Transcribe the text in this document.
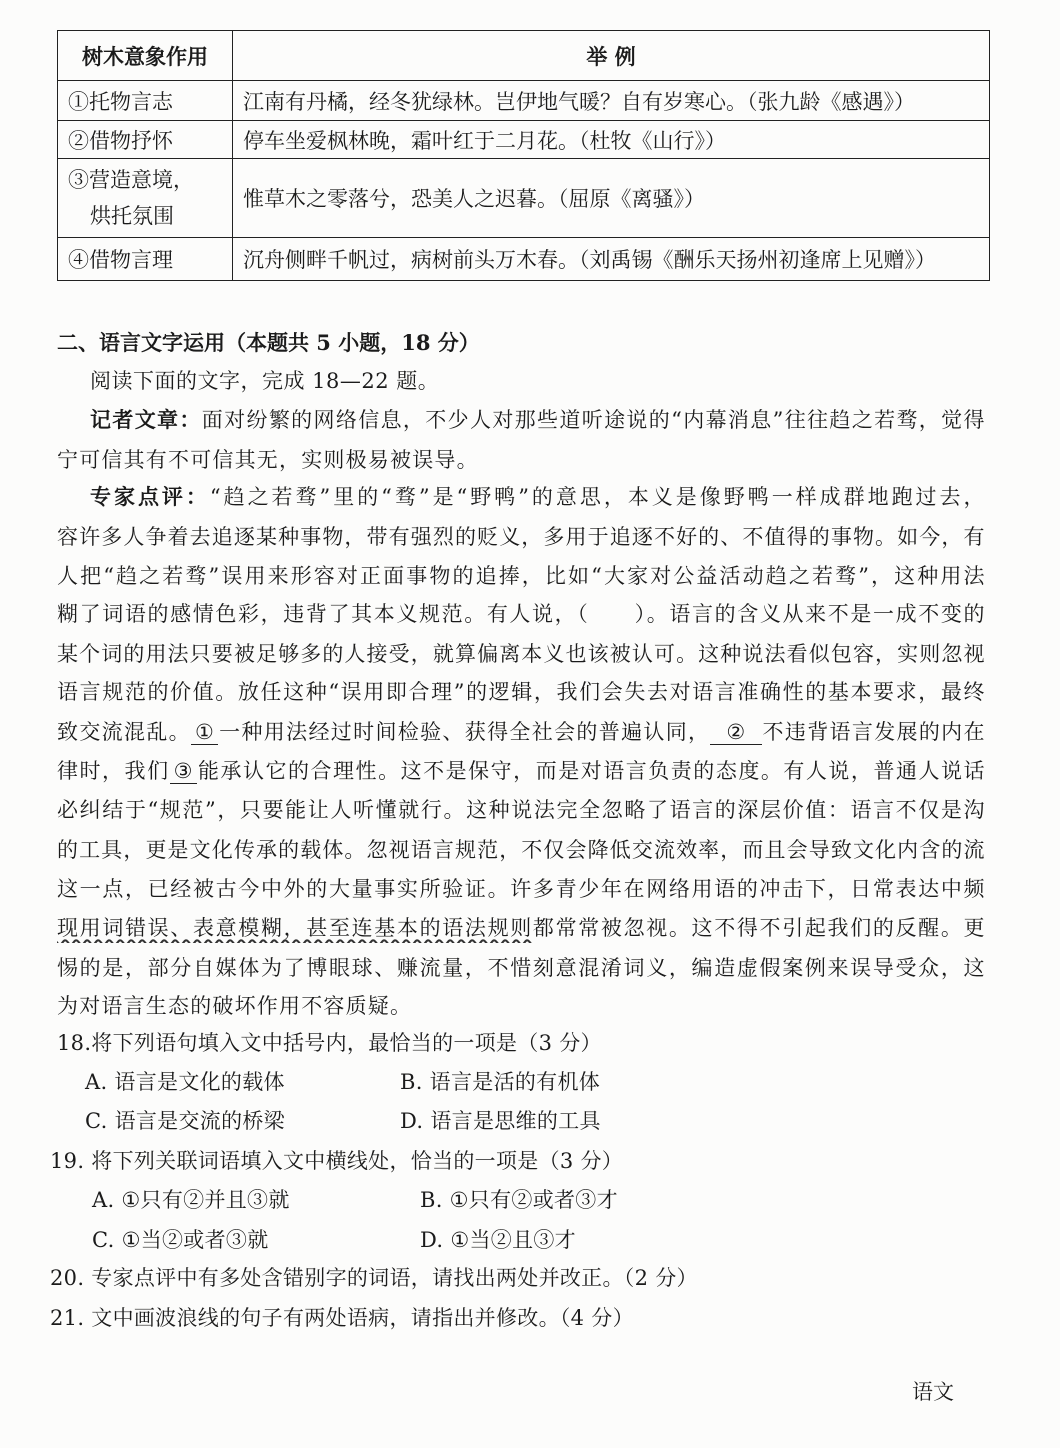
树木意象作用	举 例
①托物言志	江南有丹橘，经冬犹绿林。岂伊地气暖？自有岁寒心。（张九龄《感遇》）
②借物抒怀	停车坐爱枫林晚，霜叶红于二月花。（杜牧《山行》）

③营造意境，
烘托氛围	惟草木之零落兮，恐美人之迟暮。（屈原《离骚》）
④借物言理	沉舟侧畔千帆过，病树前头万木春。（刘禹锡《酬乐天扬州初逢席上见赠》）
二、语言文字运用（本题共 5 小题，18 分）
阅读下面的文字，完成 18—22 题。
记者文章：面对纷繁的网络信息，不少人对那些道听途说的“内幕消息”往往趋之若骛，觉得
宁可信其有不可信其无，实则极易被误导。
专家点评：“趋之若骛”里的“骛”是“野鸭”的意思，本义是像野鸭一样成群地跑过去，
容许多人争着去追逐某种事物，带有强烈的贬义，多用于追逐不好的、不值得的事物。如今，有
人把“趋之若骛”误用来形容对正面事物的追捧，比如“大家对公益活动趋之若骛”，这种用法
糊了词语的感情色彩，违背了其本义规范。有人说，（　　）。语言的含义从来不是一成不变的
某个词的用法只要被足够多的人接受，就算偏离本义也该被认可。这种说法看似包容，实则忽视
语言规范的价值。放任这种“误用即合理”的逻辑，我们会失去对语言准确性的基本要求，最终
致交流混乱。 ① 一种用法经过时间检验、获得全社会的普遍认同， ② 不违背语言发展的内在
律时，我们 ③ 能承认它的合理性。这不是保守，而是对语言负责的态度。有人说，普通人说话
必纠结于“规范”，只要能让人听懂就行。这种说法完全忽略了语言的深层价值：语言不仅是沟
的工具，更是文化传承的载体。忽视语言规范，不仅会降低交流效率，而且会导致文化内含的流
这一点，已经被古今中外的大量事实所验证。许多青少年在网络用语的冲击下，日常表达中频
现用词错误、表意模糊，甚至连基本的语法规则都常常被忽视。这不得不引起我们的反醒。更
惕的是，部分自媒体为了博眼球、赚流量，不惜刻意混淆词义，编造虚假案例来误导受众，这
为对语言生态的破坏作用不容质疑。
18.将下列语句填入文中括号内，最恰当的一项是（3 分）
A. 语言是文化的载体	B. 语言是活的有机体
C. 语言是交流的桥梁	D. 语言是思维的工具
19. 将下列关联词语填入文中横线处，恰当的一项是（3 分）
A. ①只有②并且③就	B. ①只有②或者③才
C. ①当②或者③就	D. ①当②且③才
20. 专家点评中有多处含错别字的词语，请找出两处并改正。（2 分）
21. 文中画波浪线的句子有两处语病，请指出并修改。（4 分）
语文
